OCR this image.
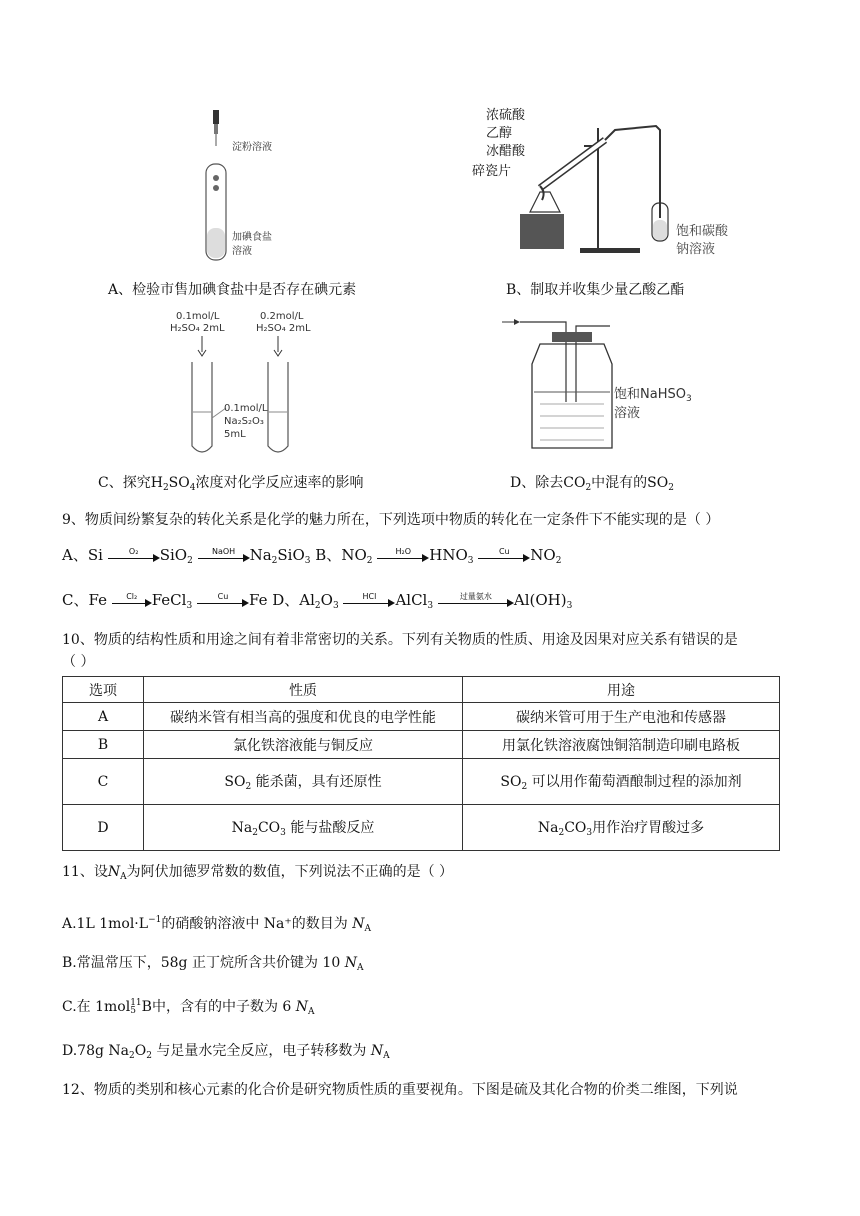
淀粉溶液
加碘食盐
溶液
A、检验市售加碘食盐中是否存在碘元素
浓硫酸
乙醇
冰醋酸
碎瓷片
饱和碳酸
钠溶液
B、制取并收集少量乙酸乙酯
0.1mol/L
H₂SO₄ 2mL
0.2mol/L
H₂SO₄ 2mL
0.1mol/L
Na₂S₂O₃
5mL
C、探究$H_2SO_4$浓度对化学反应速率的影响
饱和NaHSO$_3$
溶液
D、除去$CO_2$中混有的$SO_2$
9、物质间纷繁复杂的转化关系是化学的魅力所在，下列选项中物质的转化在一定条件下不能实现的是（ ）
A、Si	O₂	SiO$_2$
NaOH $Na_2SiO_3$ B、$NO_2$
H₂O	$HNO_3$
Cu	$NO_2$
C、Fe	Cl₂ FeCl$_3$
Cu	Fe D、$Al_2O_3$
HCl	AlCl$_3$
过量氨水	$Al(OH)_3$
10、物质的结构性质和用途之间有着非常密切的关系。下列有关物质的性质、用途及因果对应关系有错误的是
（ ）
选项	性质	用途
A	碳纳米管有相当高的强度和优良的电学性能	碳纳米管可用于生产电池和传感器
B	氯化铁溶液能与铜反应	用氯化铁溶液腐蚀铜箔制造印刷电路板
C	$SO_2$ 能杀菌，具有还原性	$SO_2$ 可以用作葡萄酒酿制过程的添加剂
D	$Na_2CO_3$ 能与盐酸反应	$Na_2CO_3$用作治疗胃酸过多
11、设$N_A$为阿伏加德罗常数的数值，下列说法不正确的是（ ）
A.1L $1mol\cdot L^{-1}$的硝酸钠溶液中 Na⁺的数目为 $N_A$
B.常温常压下，58g 正丁烷所含共价键为 10 $N_A$
C.在 1mol11
5 B中，含有的中子数为 6 $N_A$
D.78g $Na_2O_2$ 与足量水完全反应，电子转移数为 $N_A$
12、物质的类别和核心元素的化合价是研究物质性质的重要视角。下图是硫及其化合物的价类二维图，下列说
